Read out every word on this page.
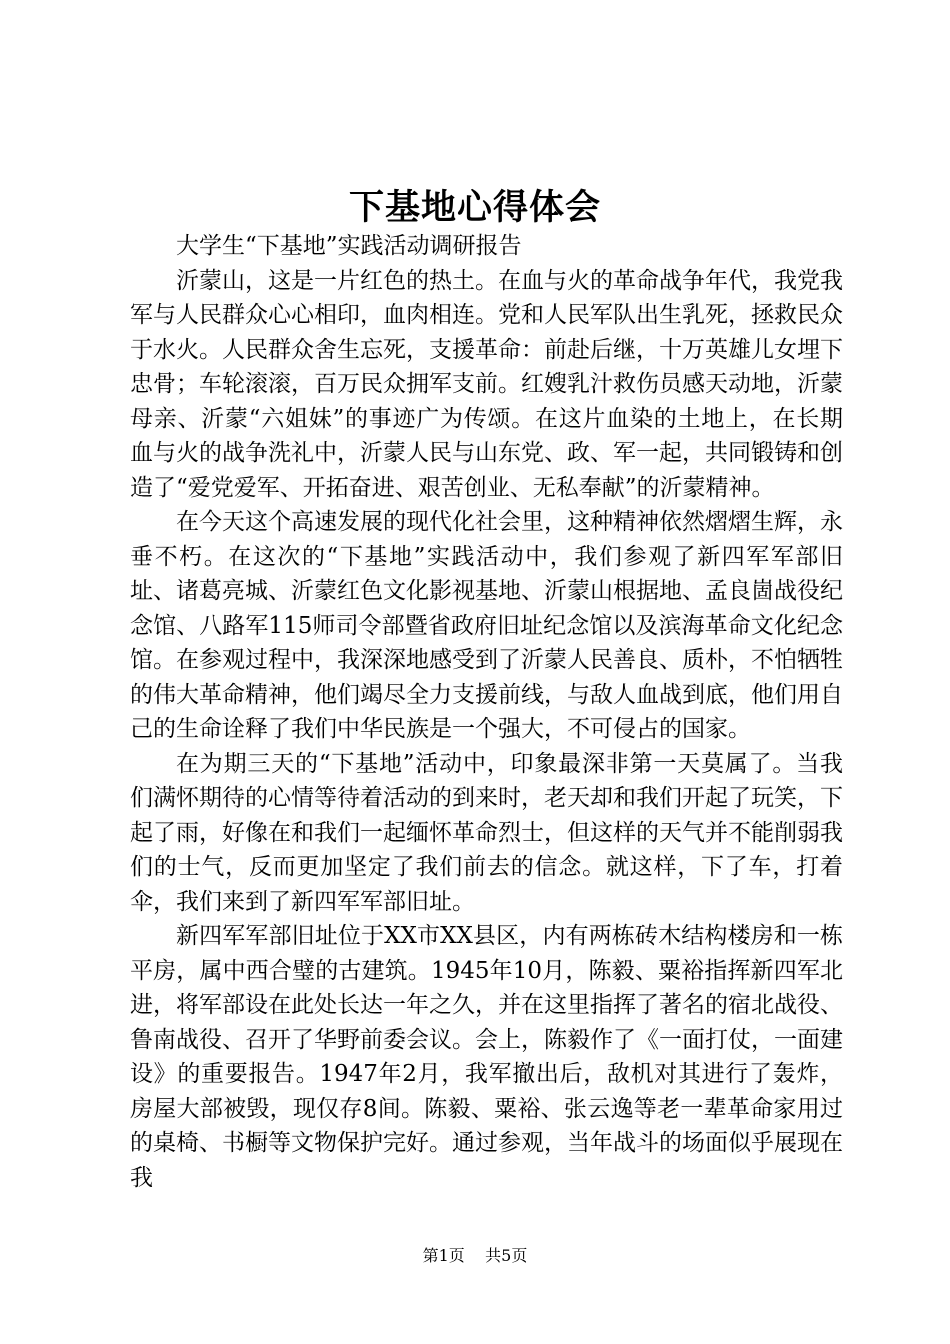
下基地心得体会

大学生“下基地”实践活动调研报告

沂蒙山，这是一片红色的热土。在血与火的革命战争年代，我党我军与人民群众心心相印，血肉相连。党和人民军队出生乳死，拯救民众于水火。人民群众舍生忘死，支援革命：前赴后继，十万英雄儿女埋下忠骨；车轮滚滚，百万民众拥军支前。红嫂乳汁救伤员感天动地，沂蒙母亲、沂蒙“六姐妹”的事迹广为传颂。在这片血染的土地上，在长期血与火的战争洗礼中，沂蒙人民与山东党、政、军一起，共同锻铸和创造了“爱党爱军、开拓奋进、艰苦创业、无私奉献”的沂蒙精神。

在今天这个高速发展的现代化社会里，这种精神依然熠熠生辉，永垂不朽。在这次的“下基地”实践活动中，我们参观了新四军军部旧址、诸葛亮城、沂蒙红色文化影视基地、沂蒙山根据地、孟良崮战役纪念馆、八路军115师司令部暨省政府旧址纪念馆以及滨海革命文化纪念馆。在参观过程中，我深深地感受到了沂蒙人民善良、质朴，不怕牺牲的伟大革命精神，他们竭尽全力支援前线，与敌人血战到底，他们用自己的生命诠释了我们中华民族是一个强大，不可侵占的国家。

在为期三天的“下基地”活动中，印象最深非第一天莫属了。当我们满怀期待的心情等待着活动的到来时，老天却和我们开起了玩笑，下起了雨，好像在和我们一起缅怀革命烈士，但这样的天气并不能削弱我们的士气，反而更加坚定了我们前去的信念。就这样，下了车，打着伞，我们来到了新四军军部旧址。

新四军军部旧址位于XX市XX县区，内有两栋砖木结构楼房和一栋平房，属中西合璧的古建筑。1945年10月，陈毅、粟裕指挥新四军北进，将军部设在此处长达一年之久，并在这里指挥了著名的宿北战役、鲁南战役、召开了华野前委会议。会上，陈毅作了《一面打仗，一面建设》的重要报告。1947年2月，我军撤出后，敌机对其进行了轰炸，房屋大部被毁，现仅存8间。陈毅、粟裕、张云逸等老一辈革命家用过的桌椅、书橱等文物保护完好。通过参观，当年战斗的场面似乎展现在我

第1页 共5页
